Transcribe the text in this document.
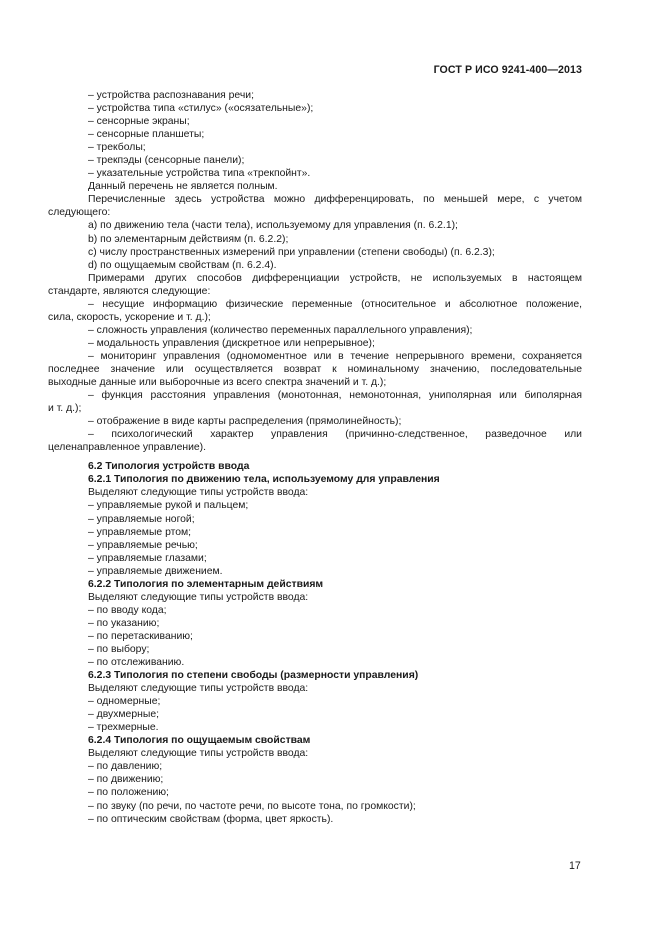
ГОСТ Р ИСО 9241-400—2013

– устройства распознавания речи;

– устройства типа «стилус» («осязательные»);

– сенсорные экраны;

– сенсорные планшеты;

– трекболы;

– трекпэды (сенсорные панели);

– указательные устройства типа «трекпойнт».

Данный перечень не является полным.

Перечисленные здесь устройства можно дифференцировать, по меньшей мере, с учетом

следующего:

a) по движению тела (части тела), используемому для управления (п. 6.2.1);

b) по элементарным действиям (п. 6.2.2);

c) числу пространственных измерений при управлении (степени свободы) (п. 6.2.3);

d) по ощущаемым свойствам (п. 6.2.4).

Примерами других способов дифференциации устройств, не используемых в настоящем

стандарте, являются следующие:

– несущие информацию физические переменные (относительное и абсолютное положение,

сила, скорость, ускорение и т. д.);

– сложность управления (количество переменных параллельного управления);

– модальность управления (дискретное или непрерывное);

– мониторинг управления (одномоментное или в течение непрерывного времени, сохраняется

последнее значение или осуществляется возврат к номинальному значению, последовательные

выходные данные или выборочные из всего спектра значений и т. д.);

– функция расстояния управления (монотонная, немонотонная, униполярная или биполярная

и т. д.);

– отображение в виде карты распределения (прямолинейность);

– психологический характер управления (причинно-следственное, разведочное или

целенаправленное управление).

6.2 Типология устройств ввода

6.2.1 Типология по движению тела, используемому для управления

Выделяют следующие типы устройств ввода:

– управляемые рукой и пальцем;

– управляемые ногой;

– управляемые ртом;

– управляемые речью;

– управляемые глазами;

– управляемые движением.

6.2.2 Типология по элементарным действиям

Выделяют следующие типы устройств ввода:

– по вводу кода;

– по указанию;

– по перетаскиванию;

– по выбору;

– по отслеживанию.

6.2.3 Типология по степени свободы (размерности управления)

Выделяют следующие типы устройств ввода:

– одномерные;

– двухмерные;

– трехмерные.

6.2.4 Типология по ощущаемым свойствам

Выделяют следующие типы устройств ввода:

– по давлению;

– по движению;

– по положению;

– по звуку (по речи, по частоте речи, по высоте тона, по громкости);

– по оптическим свойствам (форма, цвет яркость).

17
